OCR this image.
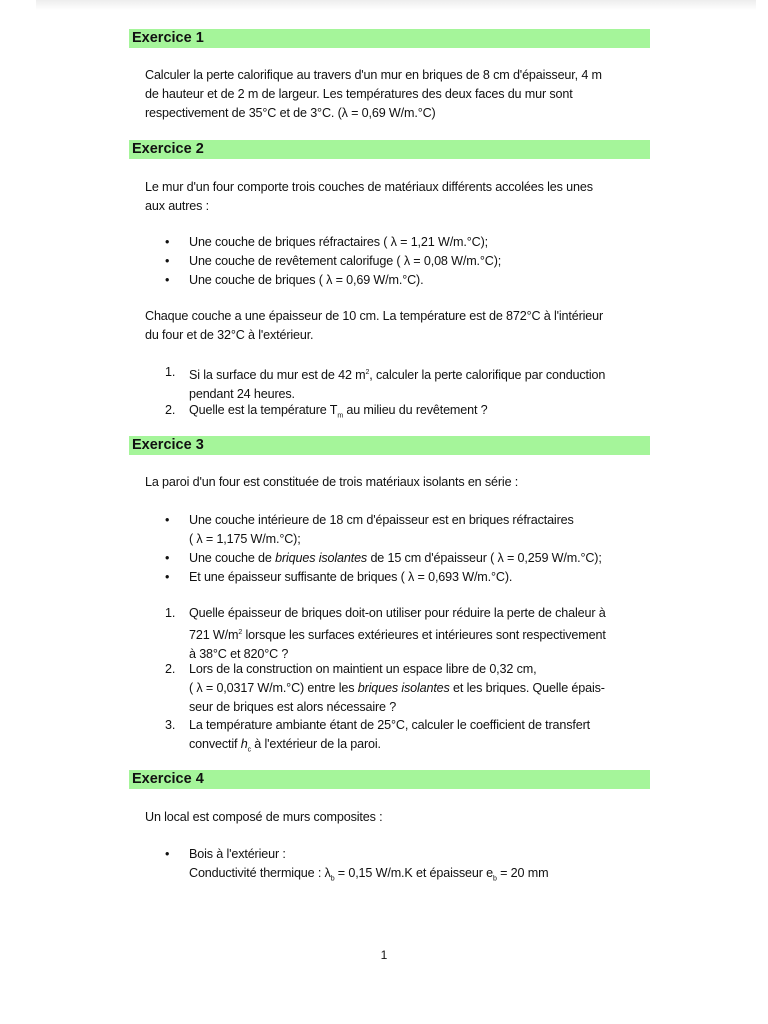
Exercice 1
Calculer la perte calorifique au travers d'un mur en briques de 8 cm d'épaisseur, 4 m
de hauteur et de 2 m de largeur. Les températures des deux faces du mur sont
respectivement de 35°C et de 3°C. (λ = 0,69 W/m.°C)
Exercice 2
Le mur d'un four comporte trois couches de matériaux différents accolées les unes
aux autres :
•	Une couche de briques réfractaires ( λ = 1,21 W/m.°C);
•	Une couche de revêtement calorifuge ( λ = 0,08 W/m.°C);
•	Une couche de briques ( λ = 0,69 W/m.°C).
Chaque couche a une épaisseur de 10 cm. La température est de 872°C à l'intérieur
du four et de 32°C à l'extérieur.
1.	Si la surface du mur est de 42 $m^2$, calculer la perte calorifique par conduction
pendant 24 heures.
2.	Quelle est la température $T_m$ au milieu du revêtement ?
Exercice 3
La paroi d'un four est constituée de trois matériaux isolants en série :
•	Une couche intérieure de 18 cm d'épaisseur est en briques réfractaires
( λ = 1,175 W/m.°C);
•	Une couche de briques isolantes de 15 cm d'épaisseur ( λ = 0,259 W/m.°C);
•	Et une épaisseur suffisante de briques ( λ = 0,693 W/m.°C).
1.	Quelle épaisseur de briques doit-on utiliser pour réduire la perte de chaleur à
721 $W/m^2$ lorsque les surfaces extérieures et intérieures sont respectivement
à 38°C et 820°C ?
2.	Lors de la construction on maintient un espace libre de 0,32 cm,
( λ = 0,0317 W/m.°C) entre les briques isolantes et les briques. Quelle épais-
seur de briques est alors nécessaire ?
3.	La température ambiante étant de 25°C, calculer le coefficient de transfert
convectif $h_c$ à l'extérieur de la paroi.
Exercice 4
Un local est composé de murs composites :
•	Bois à l'extérieur :
Conductivité thermique : $\lambda_b = 0,15$ W/m.K et épaisseur $e_b = 20$ mm
1
